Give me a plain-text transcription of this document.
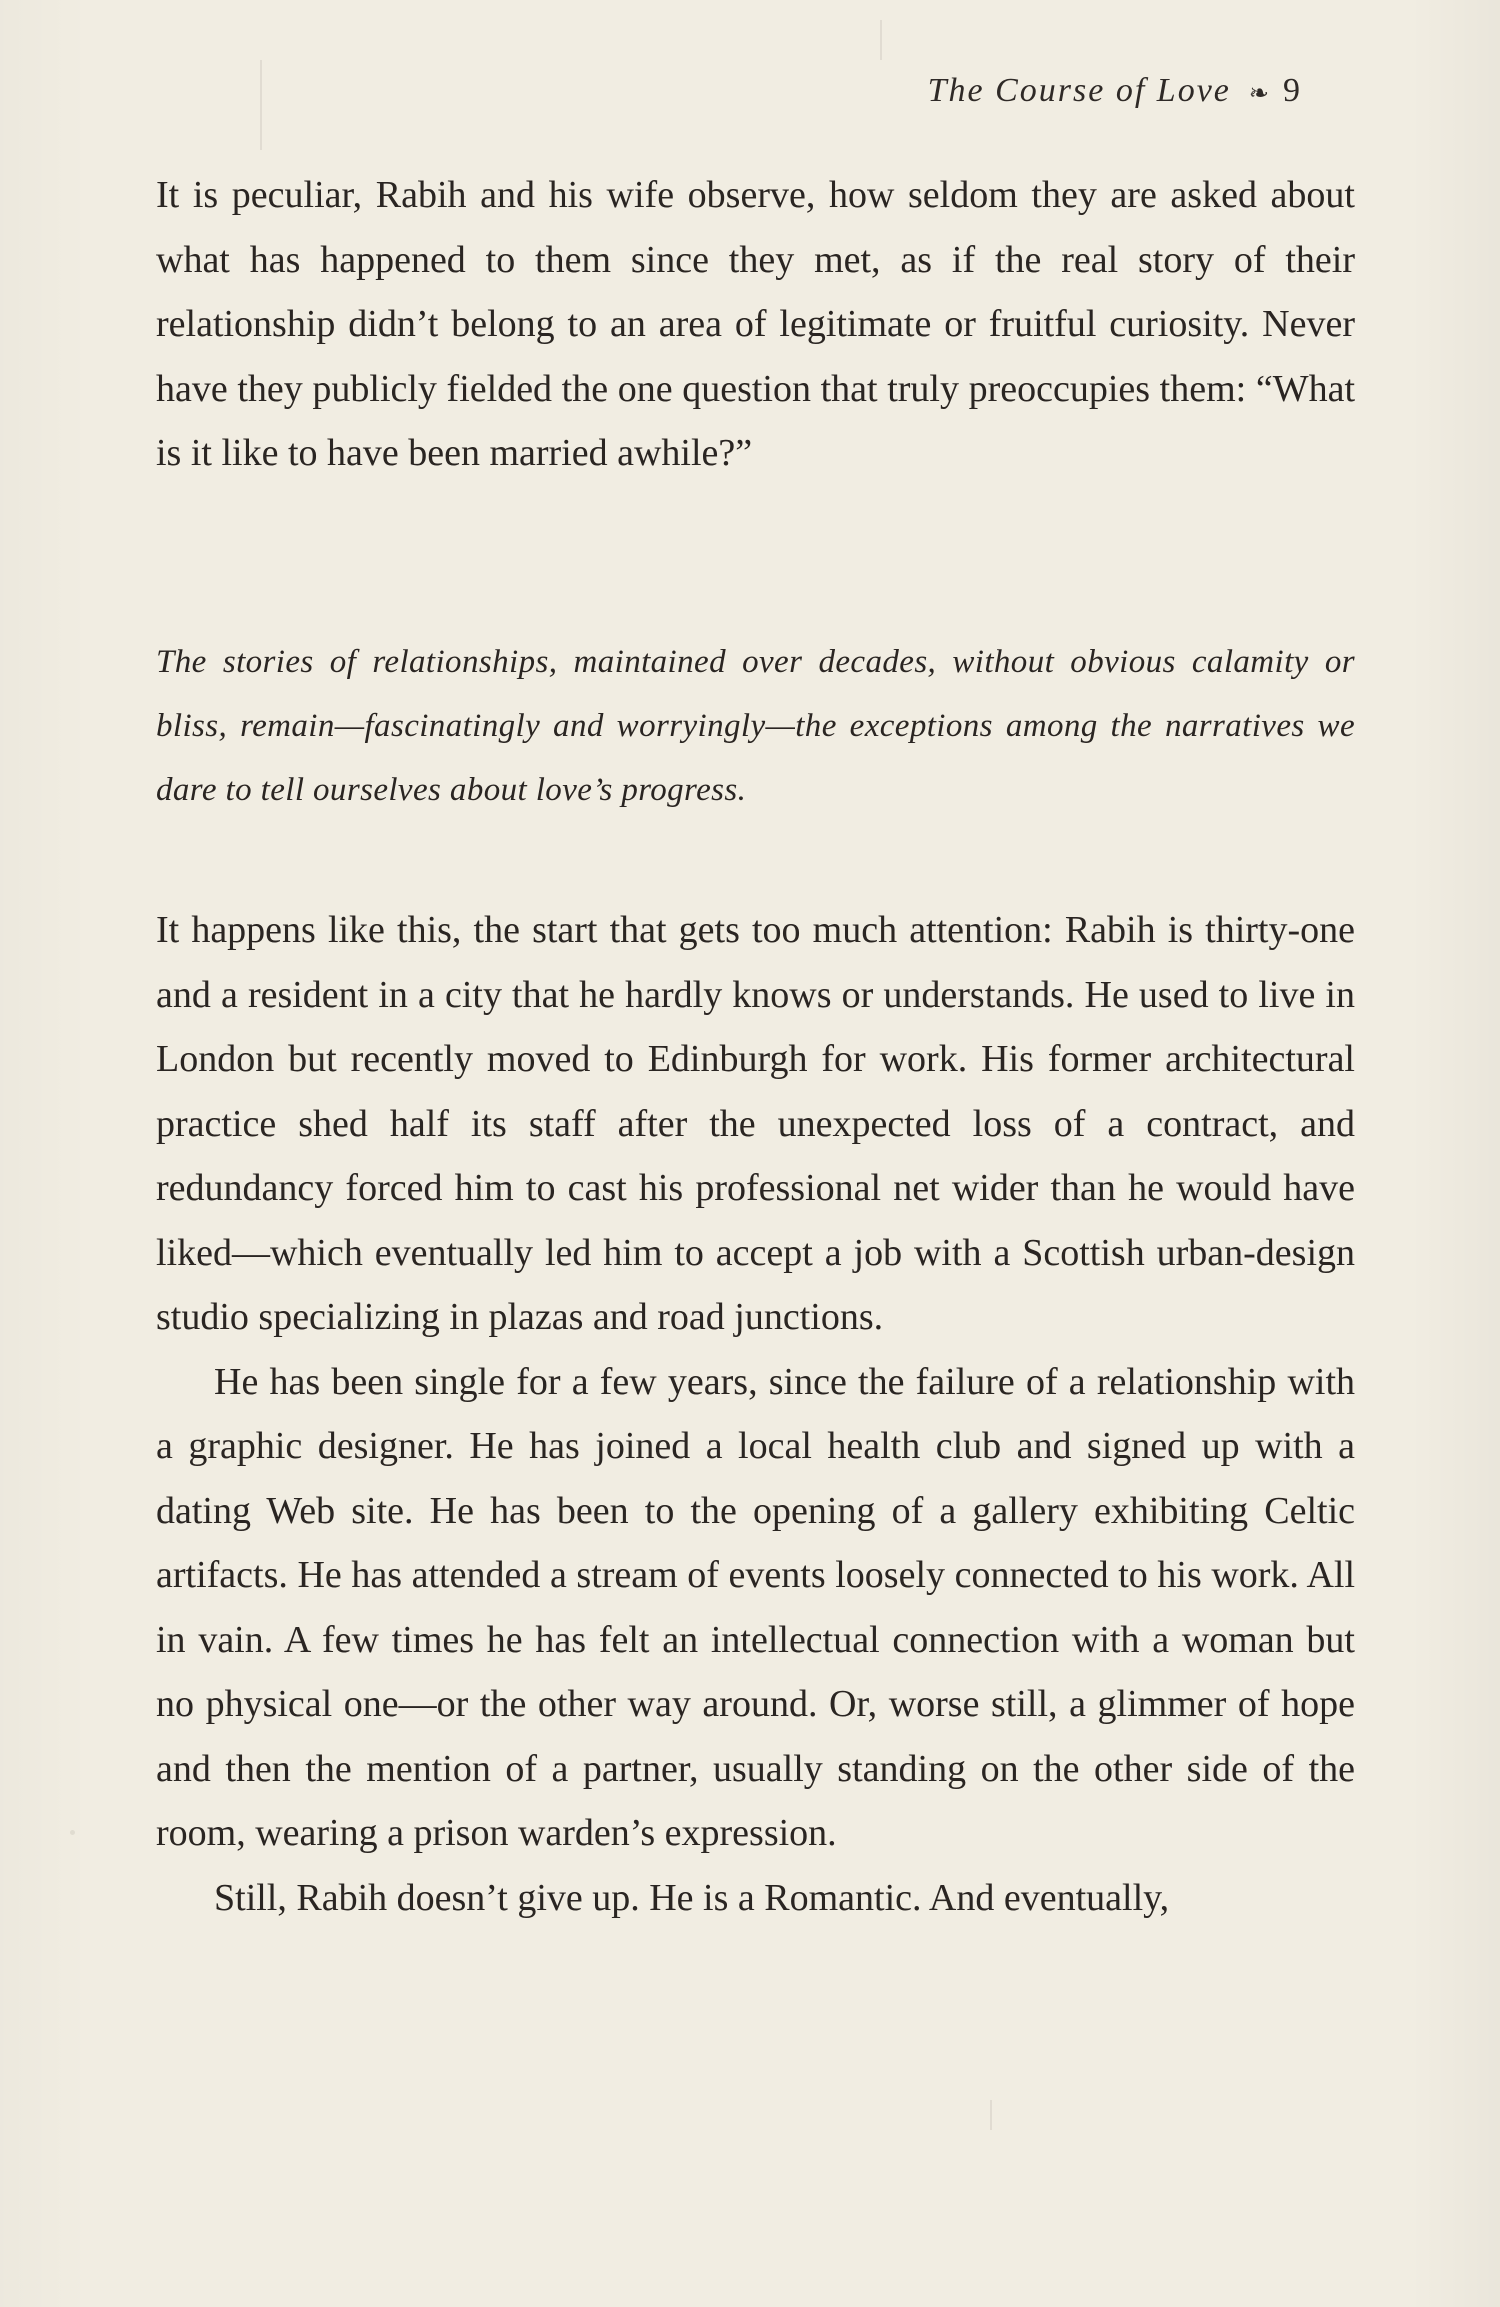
The Course of Love ❧ 9

It is peculiar, Rabih and his wife observe, how seldom they are asked about what has happened to them since they met, as if the real story of their relationship didn’t belong to an area of legitimate or fruitful curiosity. Never have they publicly fielded the one question that truly preoccupies them: “What is it like to have been married awhile?”

The stories of relationships, maintained over decades, without obvious calamity or bliss, remain—fascinatingly and worryingly—the exceptions among the narratives we dare to tell ourselves about love’s progress.

It happens like this, the start that gets too much attention: Rabih is thirty-one and a resident in a city that he hardly knows or understands. He used to live in London but recently moved to Edinburgh for work. His former architectural practice shed half its staff after the unexpected loss of a contract, and redundancy forced him to cast his professional net wider than he would have liked—which eventually led him to accept a job with a Scottish urban-design studio specializing in plazas and road junctions.

He has been single for a few years, since the failure of a relationship with a graphic designer. He has joined a local health club and signed up with a dating Web site. He has been to the opening of a gallery exhibiting Celtic artifacts. He has attended a stream of events loosely connected to his work. All in vain. A few times he has felt an intellectual connection with a woman but no physical one—or the other way around. Or, worse still, a glimmer of hope and then the mention of a partner, usually standing on the other side of the room, wearing a prison warden’s expression.

Still, Rabih doesn’t give up. He is a Romantic. And eventually,
